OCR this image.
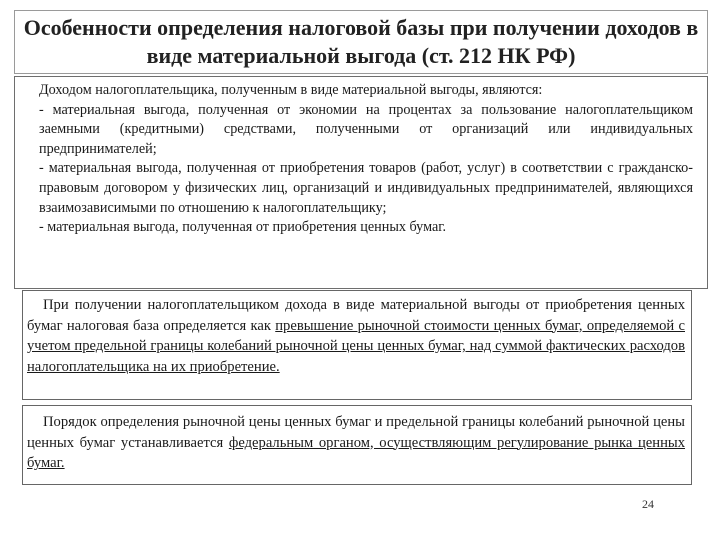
Особенности определения налоговой базы при получении доходов в виде материальной выгода (ст. 212 НК РФ)

Доходом налогоплательщика, полученным в виде материальной выгоды, являются:

- материальная выгода, полученная от экономии на процентах за пользование налогоплательщиком заемными (кредитными) средствами, полученными от организаций или индивидуальных предпринимателей;

- материальная выгода, полученная от приобретения товаров (работ, услуг) в соответствии с гражданско-правовым договором у физических лиц, организаций и индивидуальных предпринимателей, являющихся взаимозависимыми по отношению к налогоплательщику;

- материальная выгода, полученная от приобретения ценных бумаг.

При получении налогоплательщиком дохода в виде материальной выгоды от приобретения ценных бумаг налоговая база определяется как превышение рыночной стоимости ценных бумаг, определяемой с учетом предельной границы колебаний рыночной цены ценных бумаг, над суммой фактических расходов налогоплательщика на их приобретение.

Порядок определения рыночной цены ценных бумаг и предельной границы колебаний рыночной цены ценных бумаг устанавливается федеральным органом, осуществляющим регулирование рынка ценных бумаг.

24
